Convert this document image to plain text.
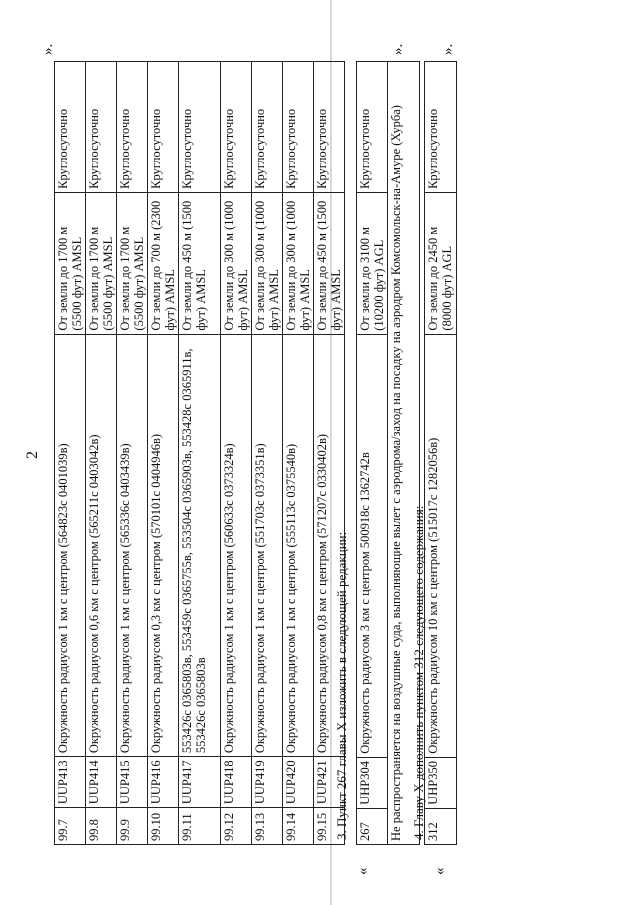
2
99.7	UUP413	Окружность радиусом 1 км с центром (564823с 0401039в)	От земли до 1700 м (5500 фут) AMSL	Круглосуточно
99.8	UUP414	Окружность радиусом 0,6 км с центром (565211с 0403042в)	От земли до 1700 м (5500 фут) AMSL	Круглосуточно
99.9	UUP415	Окружность радиусом 1 км с центром (565336с 0403439в)	От земли до 1700 м (5500 фут) AMSL	Круглосуточно
99.10	UUP416	Окружность радиусом 0,3 км с центром (570101с 0404946в)	От земли до 700 м (2300 фут) AMSL	Круглосуточно
99.11	UUP417	553426с 0365803в, 553459с 0365755в, 553504с 0365903в, 553428с 0365911в, 553426с 0365803в	От земли до 450 м (1500 фут) AMSL	Круглосуточно
99.12	UUP418	Окружность радиусом 1 км с центром (560633с 0373324в)	От земли до 300 м (1000 фут) AMSL	Круглосуточно
99.13	UUP419	Окружность радиусом 1 км с центром (551703с 0373351в)	От земли до 300 м (1000 фут) AMSL	Круглосуточно
99.14	UUP420	Окружность радиусом 1 км с центром (555113с 0375540в)	От земли до 300 м (1000 фут) AMSL	Круглосуточно
99.15	UUP421	Окружность радиусом 0,8 км с центром (571207с 0330402в)	От земли до 450 м (1500 фут) AMSL	Круглосуточно
».
3. Пункт 267 главы X изложить в следующей редакции:
«
267	UHP304	Окружность радиусом 3 км с центром 500918с 1362742в	От земли до 3100 м (10200 фут) AGL	Круглосуточно
Не распространяется на воздушные суда, выполняющие вылет с аэродрома/заход на посадку на аэродром Комсомольск-на-Амуре (Хурба)
».
4. Главу X дополнить пунктом 312 следующего содержания:
«
312	UHP350	Окружность радиусом 10 км с центром (515017с 1282056в)	От земли до 2450 м (8000 фут) AGL	Круглосуточно
».
